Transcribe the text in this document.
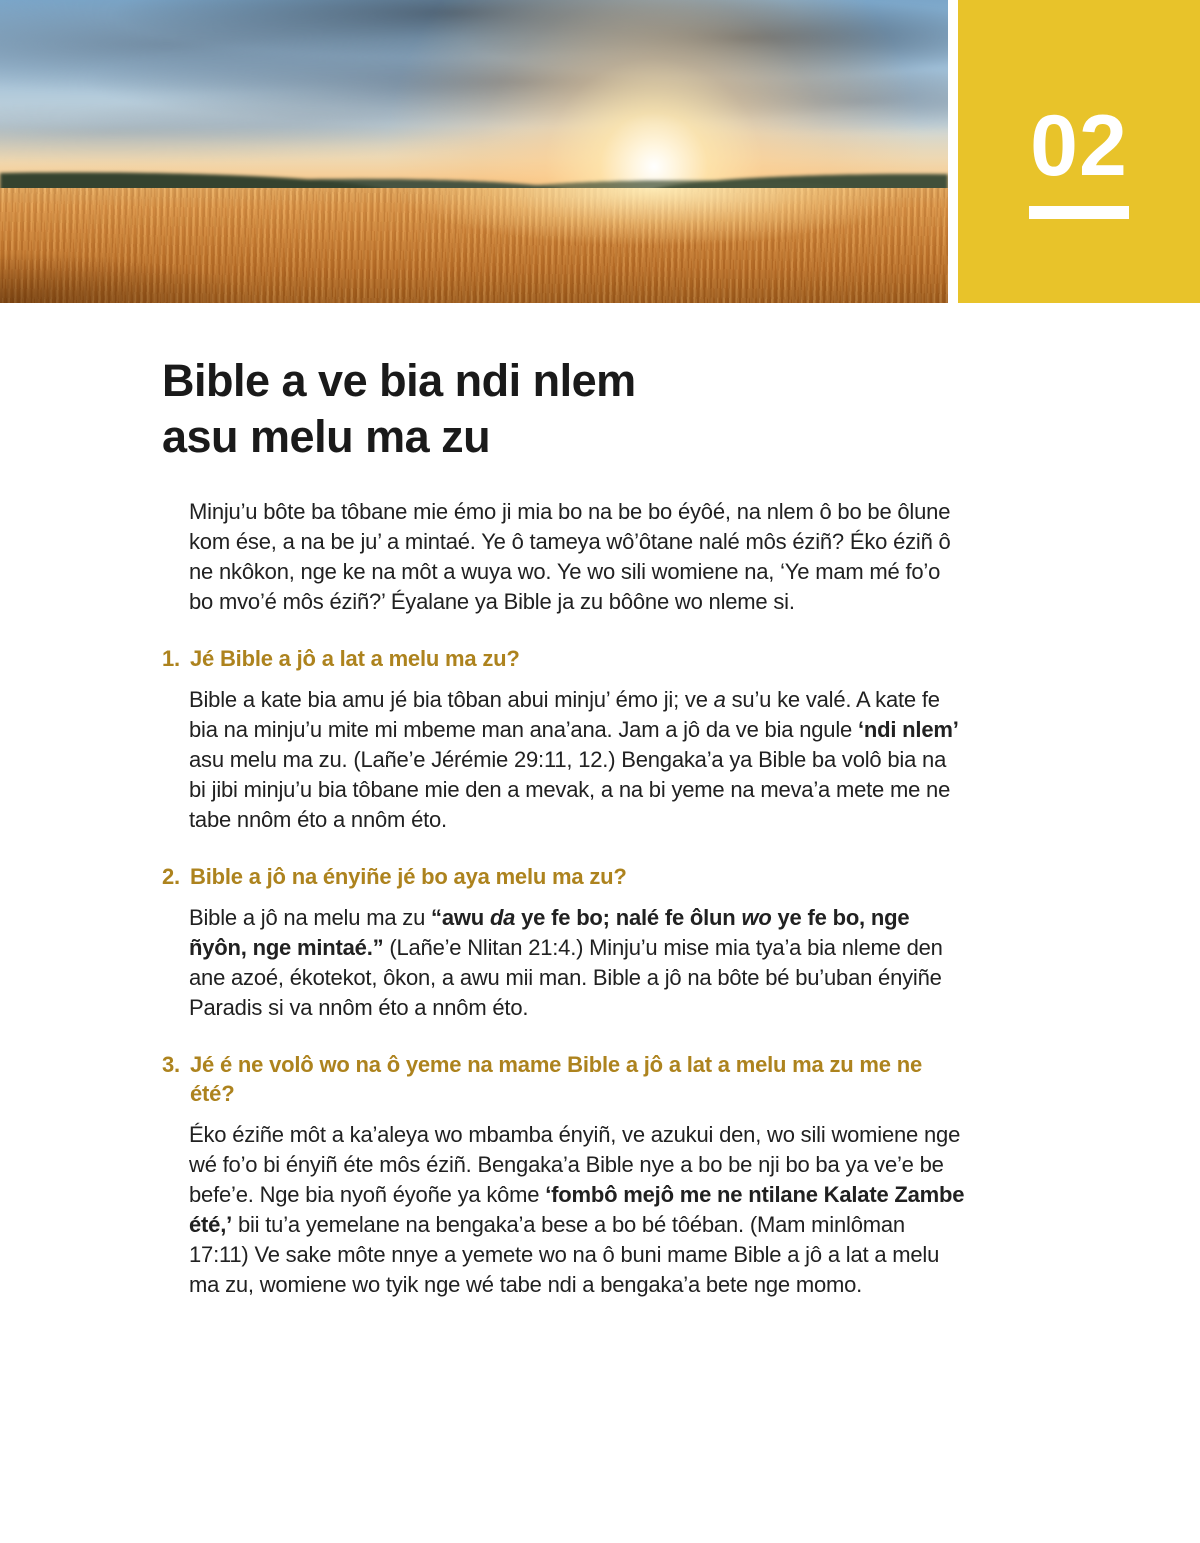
02
Bible a ve bia ndi nlem
asu melu ma zu

Minju’u bôte ba tôbane mie émo ji mia bo na be bo éyôé, na nlem ô bo be ôlune kom ése, a na be ju’ a mintaé. Ye ô tameya wô’ôtane nalé môs éziñ? Éko éziñ ô ne nkôkon, nge ke na môt a wuya wo. Ye wo sili womiene na, ‘Ye mam mé fo’o bo mvo’é môs éziñ?’ Éyalane ya Bible ja zu bôône wo nleme si.

1. Jé Bible a jô a lat a melu ma zu?

Bible a kate bia amu jé bia tôban abui minju’ émo ji; ve a su’u ke valé. A kate fe bia na minju’u mite mi mbeme man ana’ana. Jam a jô da ve bia ngule ‘ndi nlem’ asu melu ma zu. (Lañe’e Jérémie 29:11, 12.) Bengaka’a ya Bible ba volô bia na bi jibi minju’u bia tôbane mie den a mevak, a na bi yeme na meva’a mete me ne tabe nnôm éto a nnôm éto.

2. Bible a jô na ényiñe jé bo aya melu ma zu?

Bible a jô na melu ma zu “awu da ye fe bo; nalé fe ôlun wo ye fe bo, nge ñyôn, nge mintaé.” (Lañe’e Nlitan 21:4.) Minju’u mise mia tya’a bia nleme den ane azoé, ékotekot, ôkon, a awu mii man. Bible a jô na bôte bé bu’uban ényiñe Paradis si va nnôm éto a nnôm éto.

3. Jé é ne volô wo na ô yeme na mame Bible a jô a lat a melu ma zu me ne été?

Éko éziñe môt a ka’aleya wo mbamba ényiñ, ve azukui den, wo sili womiene nge wé fo’o bi ényiñ éte môs éziñ. Bengaka’a Bible nye a bo be nji bo ba ya ve’e be befe’e. Nge bia nyoñ éyoñe ya kôme ‘fombô mejô me ne ntilane Kalate Zambe été,’ bii tu’a yemelane na bengaka’a bese a bo bé tôéban. (Mam minlôman 17:11) Ve sake môte nnye a yemete wo na ô buni mame Bible a jô a lat a melu ma zu, womiene wo tyik nge wé tabe ndi a bengaka’a bete nge momo.
